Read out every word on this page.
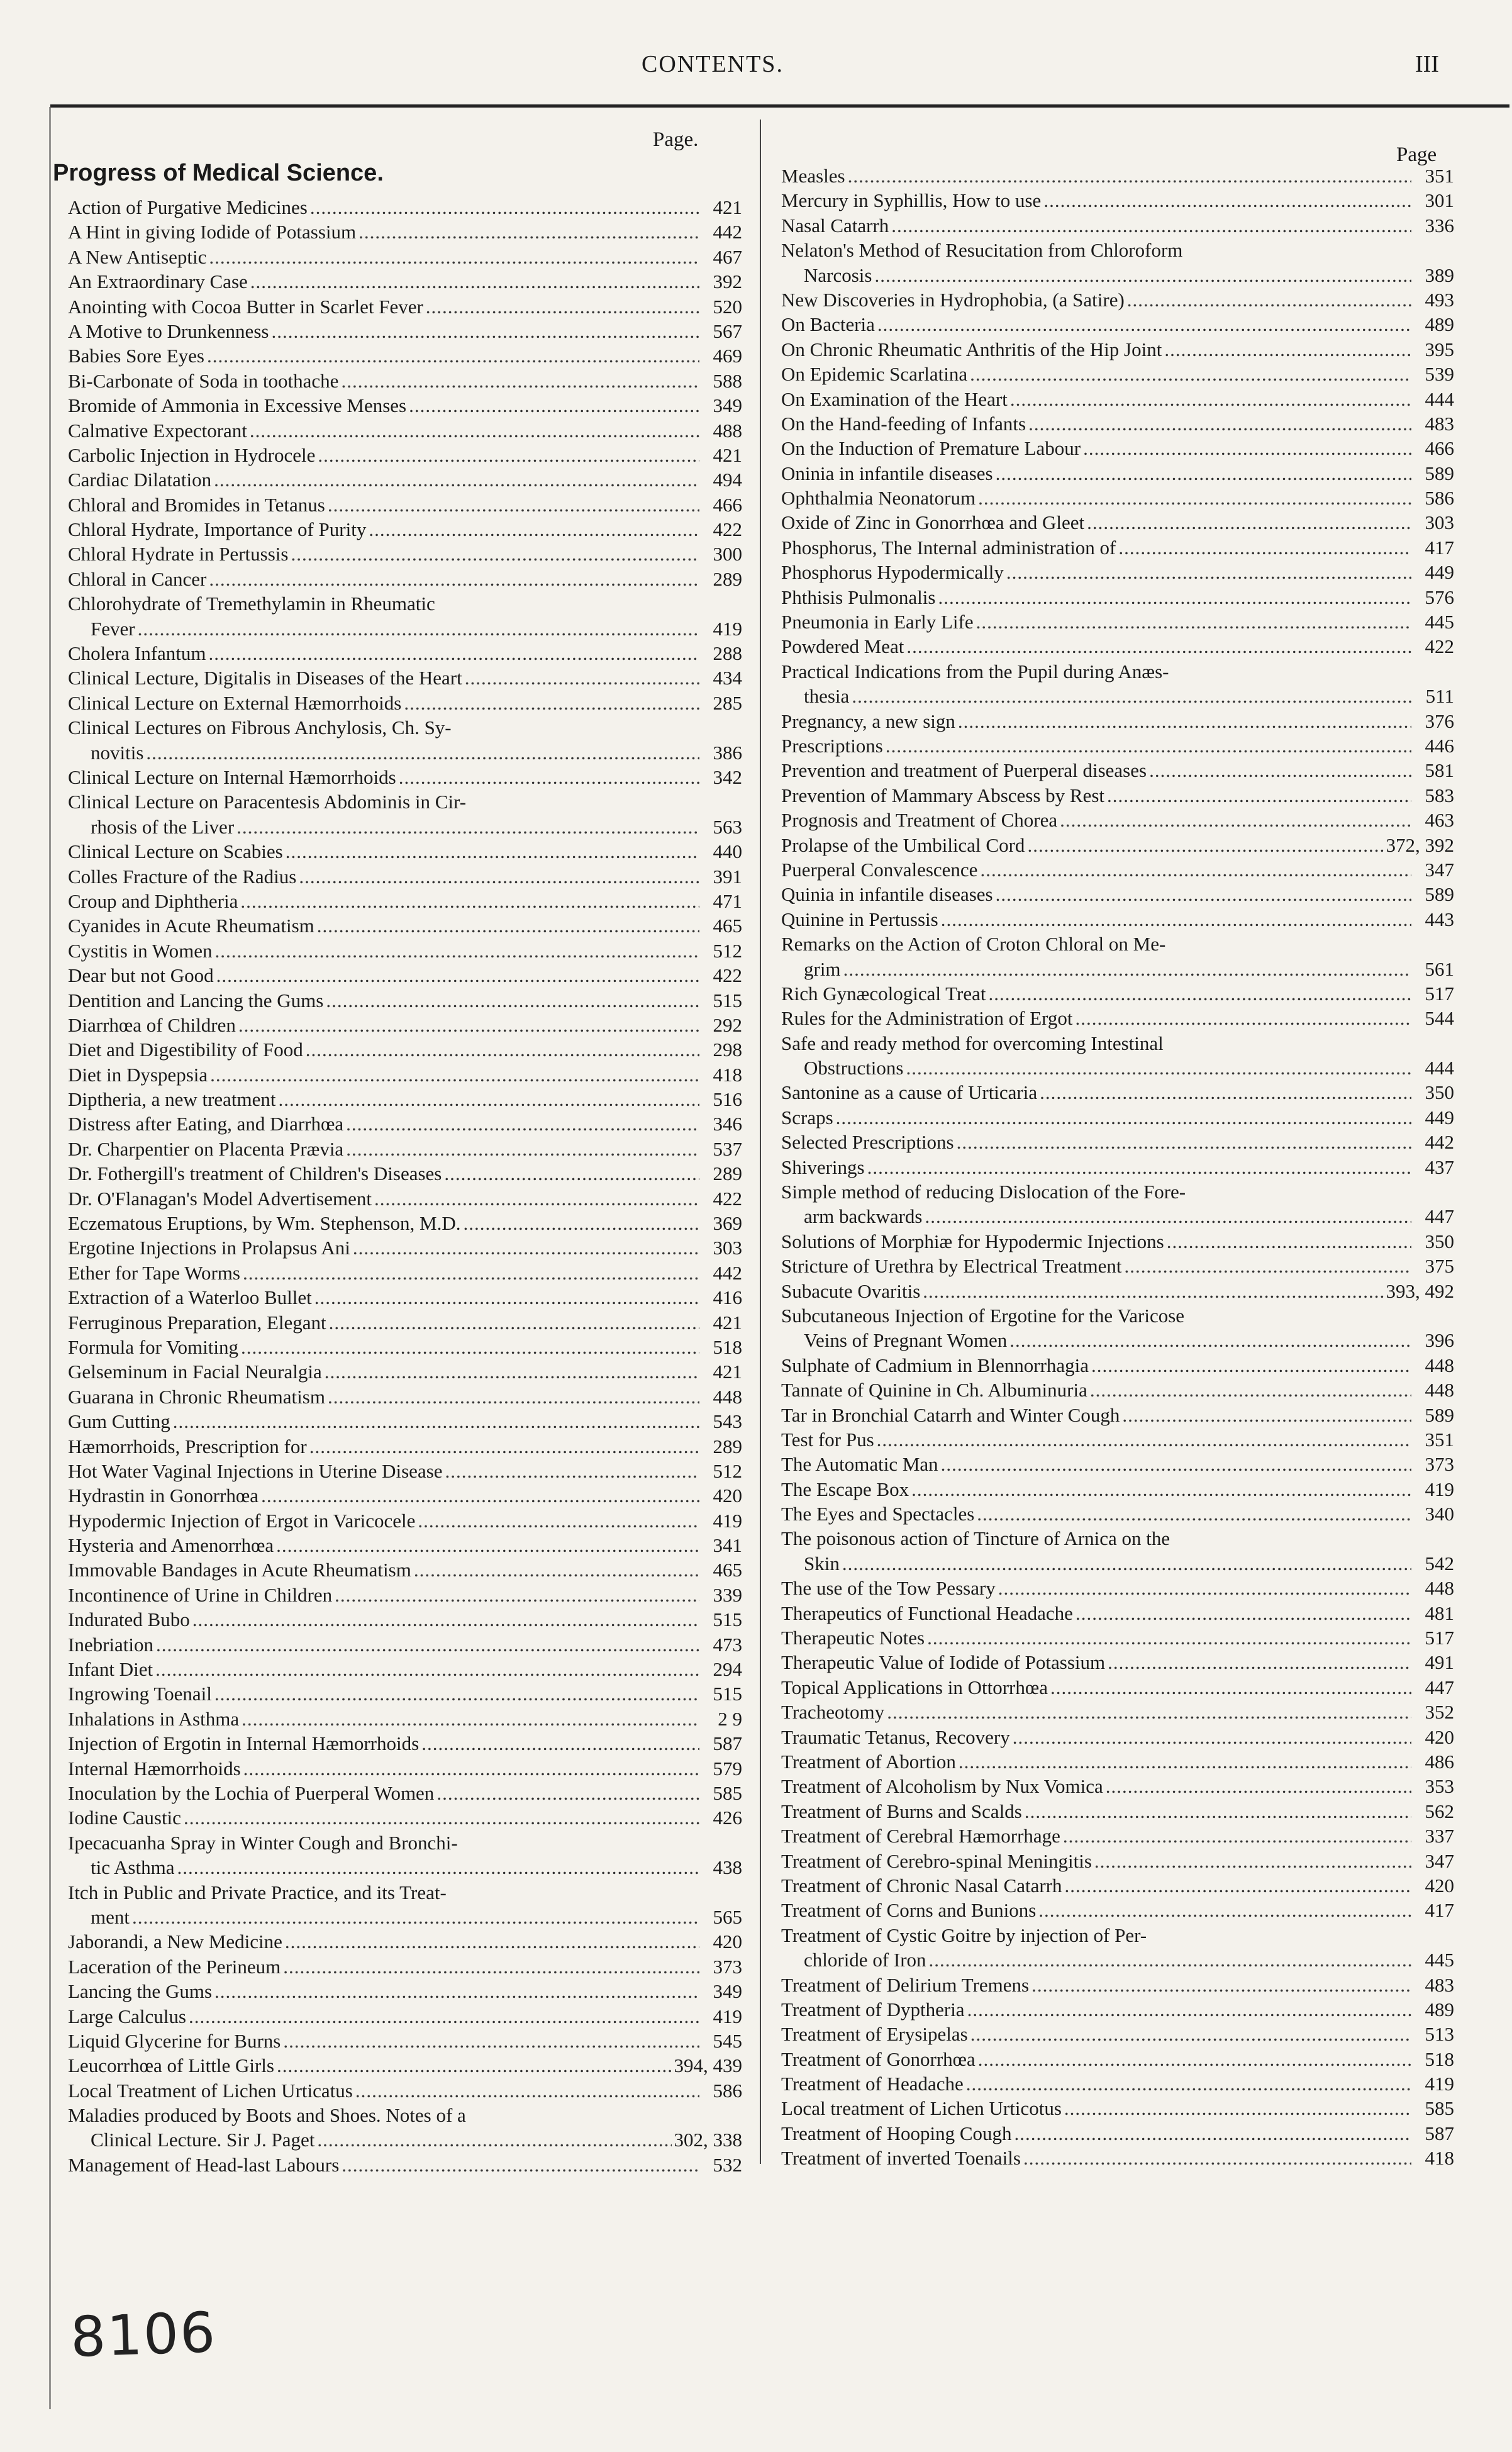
CONTENTS.	III
Page.
Progress of Medical Science.
Action of Purgative Medicines .....	421
A Hint in giving Iodide of Potassium .....	442
A New Antiseptic .....	467
An Extraordinary Case .....	392
Anointing with Cocoa Butter in Scarlet Fever .....	520
A Motive to Drunkenness .....	567
Babies Sore Eyes .....	469
Bi-Carbonate of Soda in toothache .....	588
Bromide of Ammonia in Excessive Menses .....	349
Calmative Expectorant .....	488
Carbolic Injection in Hydrocele .....	421
Cardiac Dilatation .....	494
Chloral and Bromides in Tetanus .....	466
Chloral Hydrate, Importance of Purity .....	422
Chloral Hydrate in Pertussis .....	300
Chloral in Cancer .....	289
Chlorohydrate of Tremethylamin in Rheumatic
Fever .....	419
Cholera Infantum .....	288
Clinical Lecture, Digitalis in Diseases of the Heart .....	434
Clinical Lecture on External Hæmorrhoids .....	285
Clinical Lectures on Fibrous Anchylosis, Ch. Sy-
novitis .....	386
Clinical Lecture on Internal Hæmorrhoids .....	342
Clinical Lecture on Paracentesis Abdominis in Cir-
rhosis of the Liver .....	563
Clinical Lecture on Scabies .....	440
Colles Fracture of the Radius .....	391
Croup and Diphtheria .....	471
Cyanides in Acute Rheumatism .....	465
Cystitis in Women .....	512
Dear but not Good .....	422
Dentition and Lancing the Gums .....	515
Diarrhœa of Children .....	292
Diet and Digestibility of Food .....	298
Diet in Dyspepsia .....	418
Diptheria, a new treatment .....	516
Distress after Eating, and Diarrhœa .....	346
Dr. Charpentier on Placenta Prævia .....	537
Dr. Fothergill's treatment of Children's Diseases .....	289
Dr. O'Flanagan's Model Advertisement .....	422
Eczematous Eruptions, by Wm. Stephenson, M.D. .....	369
Ergotine Injections in Prolapsus Ani .....	303
Ether for Tape Worms .....	442
Extraction of a Waterloo Bullet .....	416
Ferruginous Preparation, Elegant .....	421
Formula for Vomiting .....	518
Gelseminum in Facial Neuralgia .....	421
Guarana in Chronic Rheumatism .....	448
Gum Cutting .....	543
Hæmorrhoids, Prescription for .....	289
Hot Water Vaginal Injections in Uterine Disease .....	512
Hydrastin in Gonorrhœa .....	420
Hypodermic Injection of Ergot in Varicocele .....	419
Hysteria and Amenorrhœa .....	341
Immovable Bandages in Acute Rheumatism .....	465
Incontinence of Urine in Children .....	339
Indurated Bubo .....	515
Inebriation .....	473
Infant Diet .....	294
Ingrowing Toenail .....	515
Inhalations in Asthma .....	2 9
Injection of Ergotin in Internal Hæmorrhoids .....	587
Internal Hæmorrhoids .....	579
Inoculation by the Lochia of Puerperal Women .....	585
Iodine Caustic .....	426
Ipecacuanha Spray in Winter Cough and Bronchi-
tic Asthma .....	438
Itch in Public and Private Practice, and its Treat-
ment .....	565
Jaborandi, a New Medicine .....	420
Laceration of the Perineum .....	373
Lancing the Gums .....	349
Large Calculus .....	419
Liquid Glycerine for Burns .....	545
Leucorrhœa of Little Girls .....	394, 439
Local Treatment of Lichen Urticatus .....	586
Maladies produced by Boots and Shoes. Notes of a
Clinical Lecture. Sir J. Paget .....	302, 338
Management of Head-last Labours .....	532
Page
Measles .....	351
Mercury in Syphillis, How to use .....	301
Nasal Catarrh .....	336
Nelaton's Method of Resucitation from Chloroform
Narcosis .....	389
New Discoveries in Hydrophobia, (a Satire) .....	493
On Bacteria .....	489
On Chronic Rheumatic Anthritis of the Hip Joint .....	395
On Epidemic Scarlatina .....	539
On Examination of the Heart .....	444
On the Hand-feeding of Infants .....	483
On the Induction of Premature Labour .....	466
Oninia in infantile diseases .....	589
Ophthalmia Neonatorum .....	586
Oxide of Zinc in Gonorrhœa and Gleet .....	303
Phosphorus, The Internal administration of .....	417
Phosphorus Hypodermically .....	449
Phthisis Pulmonalis .....	576
Pneumonia in Early Life .....	445
Powdered Meat .....	422
Practical Indications from the Pupil during Anæs-
thesia .....	511
Pregnancy, a new sign .....	376
Prescriptions .....	446
Prevention and treatment of Puerperal diseases .....	581
Prevention of Mammary Abscess by Rest .....	583
Prognosis and Treatment of Chorea .....	463
Prolapse of the Umbilical Cord .....	372, 392
Puerperal Convalescence .....	347
Quinia in infantile diseases .....	589
Quinine in Pertussis .....	443
Remarks on the Action of Croton Chloral on Me-
grim .....	561
Rich Gynæcological Treat .....	517
Rules for the Administration of Ergot .....	544
Safe and ready method for overcoming Intestinal
Obstructions .....	444
Santonine as a cause of Urticaria .....	350
Scraps .....	449
Selected Prescriptions .....	442
Shiverings .....	437
Simple method of reducing Dislocation of the Fore-
arm backwards .....	447
Solutions of Morphiæ for Hypodermic Injections .....	350
Stricture of Urethra by Electrical Treatment .....	375
Subacute Ovaritis .....	393, 492
Subcutaneous Injection of Ergotine for the Varicose
Veins of Pregnant Women .....	396
Sulphate of Cadmium in Blennorrhagia .....	448
Tannate of Quinine in Ch. Albuminuria .....	448
Tar in Bronchial Catarrh and Winter Cough .....	589
Test for Pus .....	351
The Automatic Man .....	373
The Escape Box .....	419
The Eyes and Spectacles .....	340
The poisonous action of Tincture of Arnica on the
Skin .....	542
The use of the Tow Pessary .....	448
Therapeutics of Functional Headache .....	481
Therapeutic Notes .....	517
Therapeutic Value of Iodide of Potassium .....	491
Topical Applications in Ottorrhœa .....	447
Tracheotomy .....	352
Traumatic Tetanus, Recovery .....	420
Treatment of Abortion .....	486
Treatment of Alcoholism by Nux Vomica .....	353
Treatment of Burns and Scalds .....	562
Treatment of Cerebral Hæmorrhage .....	337
Treatment of Cerebro-spinal Meningitis .....	347
Treatment of Chronic Nasal Catarrh .....	420
Treatment of Corns and Bunions .....	417
Treatment of Cystic Goitre by injection of Per-
chloride of Iron .....	445
Treatment of Delirium Tremens .....	483
Treatment of Dyptheria .....	489
Treatment of Erysipelas .....	513
Treatment of Gonorrhœa .....	518
Treatment of Headache .....	419
Local treatment of Lichen Urticotus .....	585
Treatment of Hooping Cough .....	587
Treatment of inverted Toenails .....	418
8106
